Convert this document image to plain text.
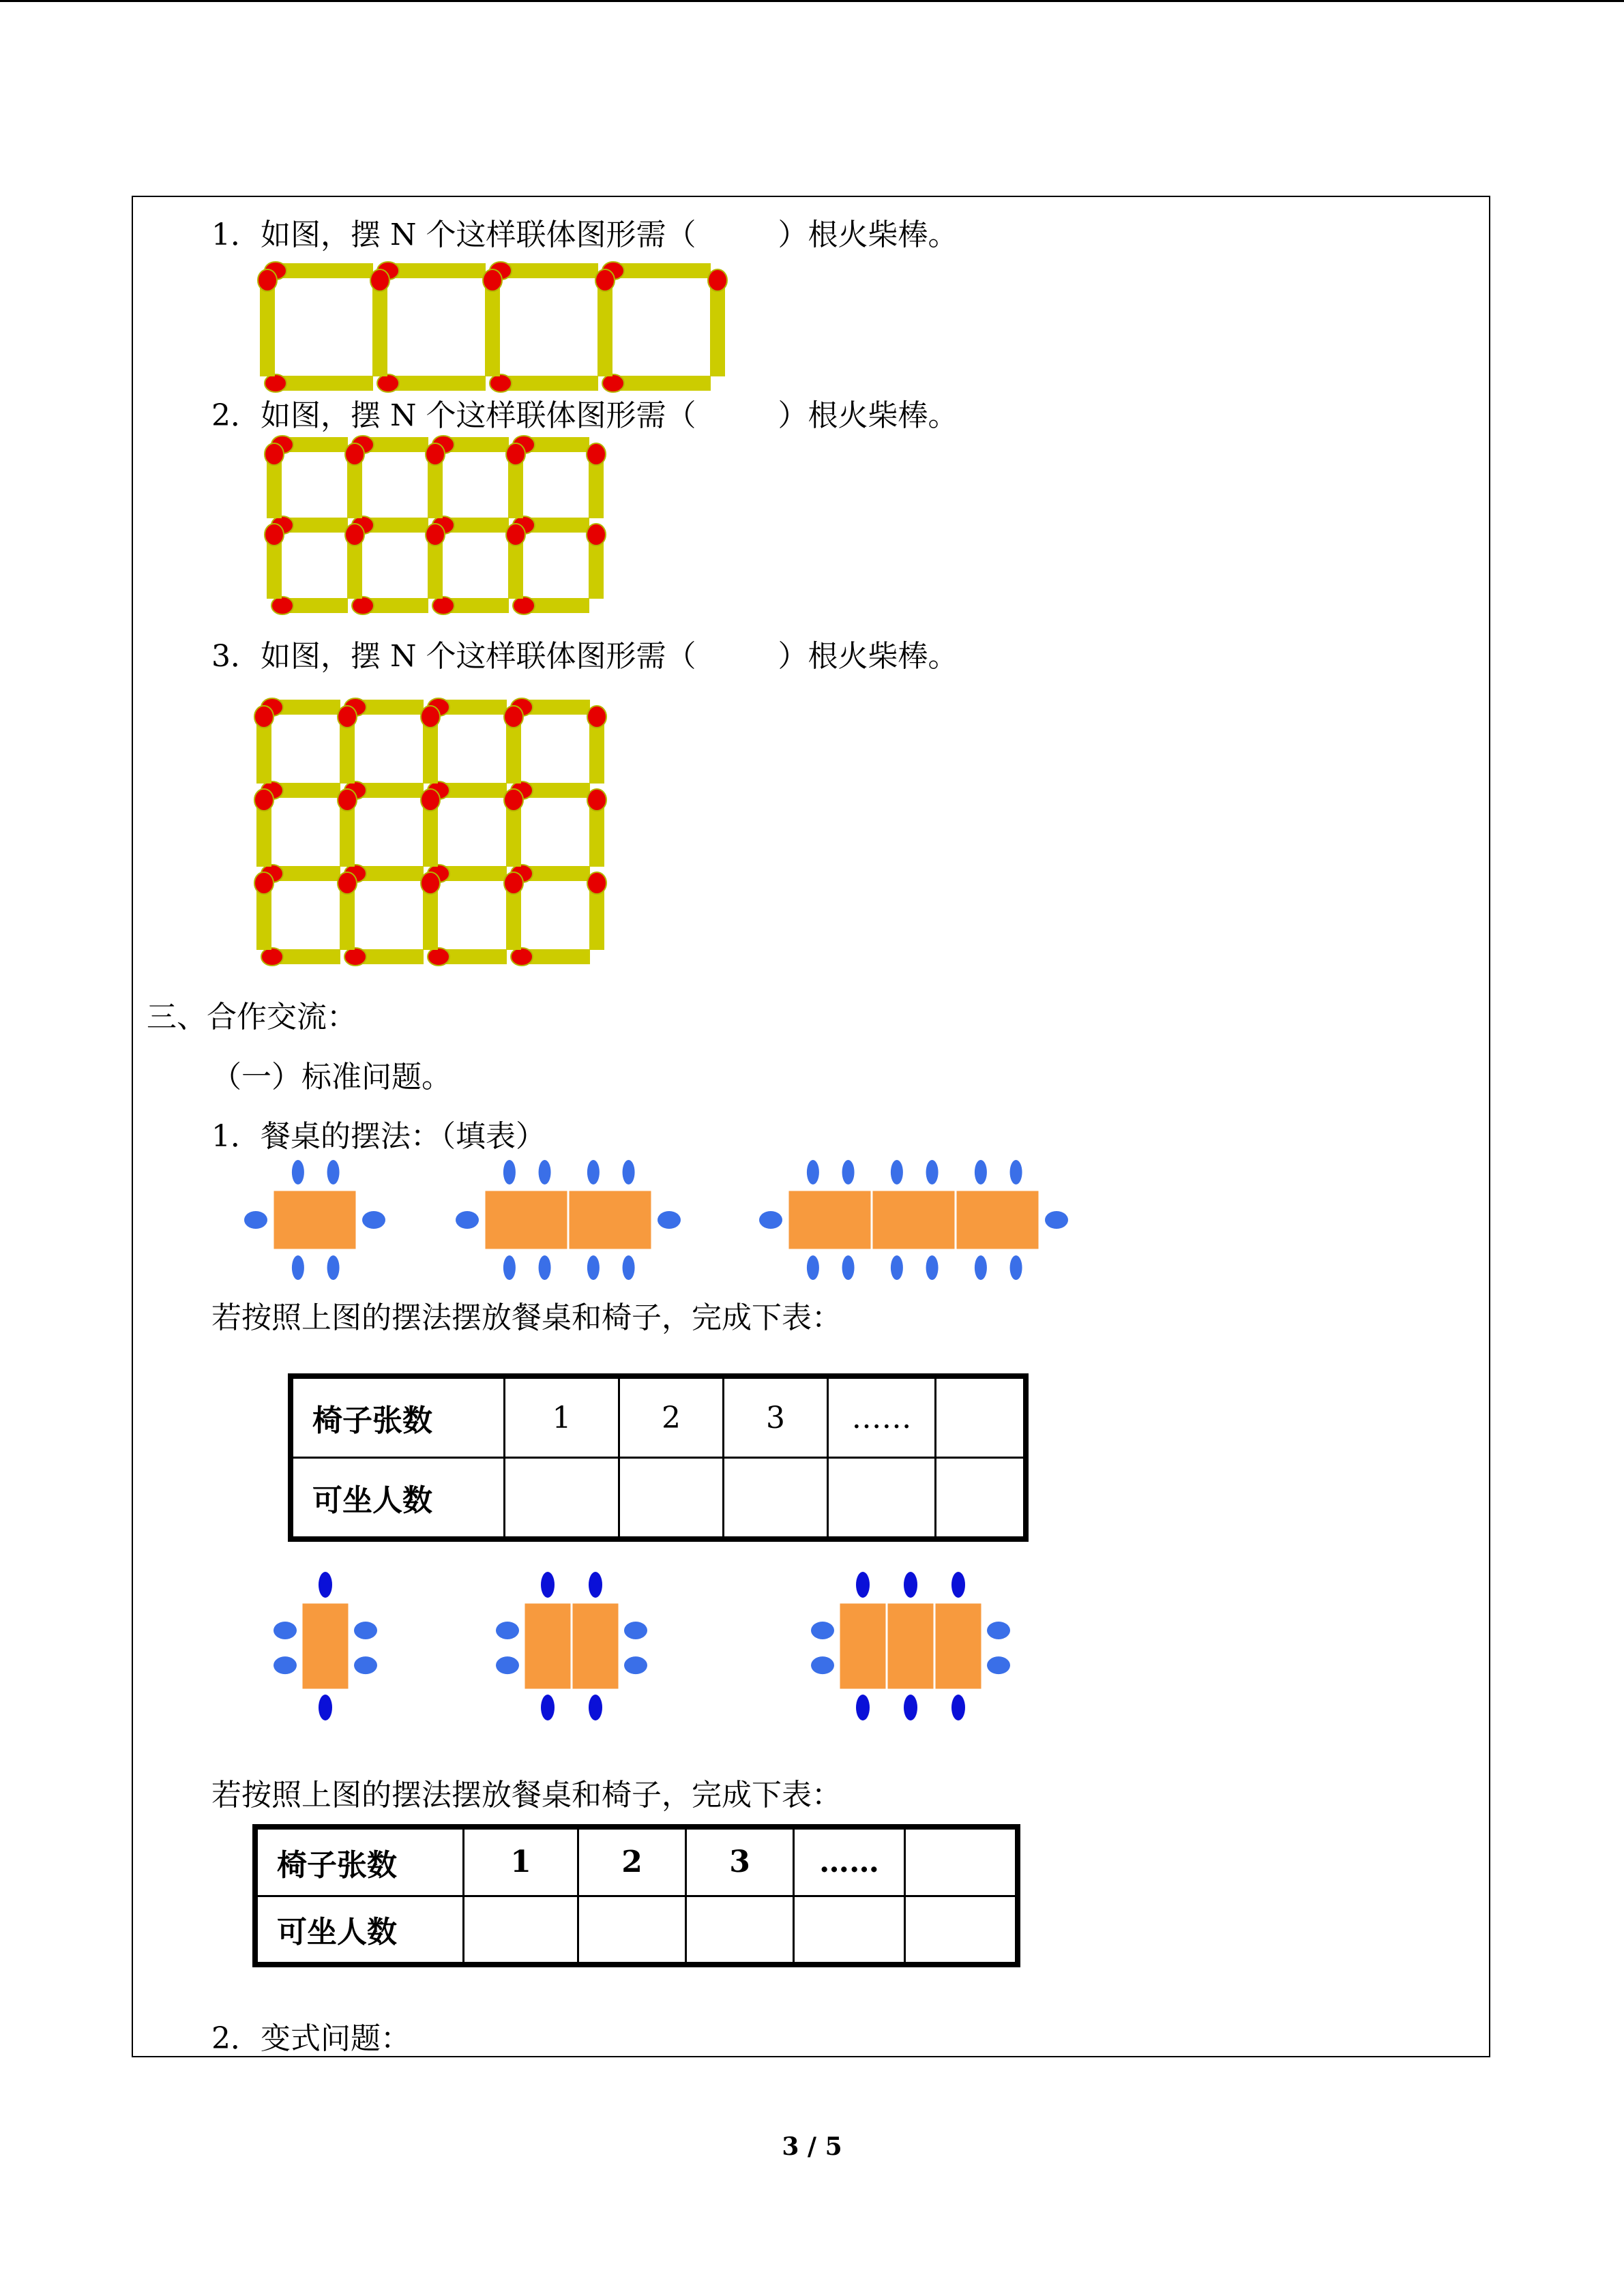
1．如图，摆 N 个这样联体图形需（	）根火柴棒。
2．如图，摆 N 个这样联体图形需（	）根火柴棒。
3．如图，摆 N 个这样联体图形需（	）根火柴棒。
三、合作交流：
（一）标准问题。
1．餐桌的摆法：（填表）
若按照上图的摆法摆放餐桌和椅子，完成下表：
椅子张数	1	2	3	……	
可坐人数					
若按照上图的摆法摆放餐桌和椅子，完成下表：
椅子张数	1	2	3	……	
可坐人数					
2．变式问题：
3 / 5
